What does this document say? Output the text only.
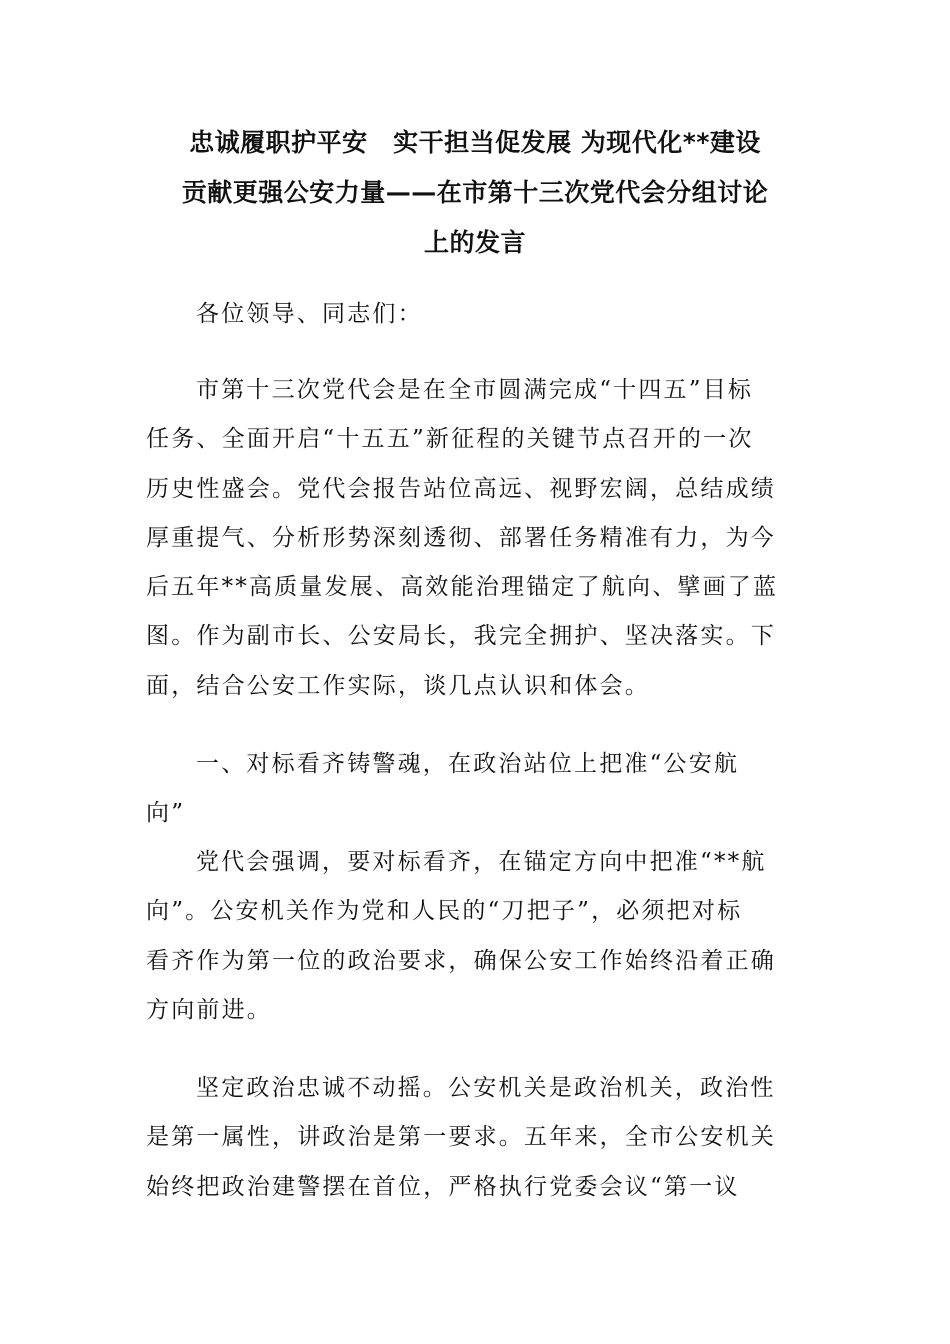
忠诚履职护平安　实干担当促发展 为现代化**建设
贡献更强公安力量——在市第十三次党代会分组讨论
上的发言

各位领导、同志们：

市第十三次党代会是在全市圆满完成“十四五”目标
任务、全面开启“十五五”新征程的关键节点召开的一次
历史性盛会。党代会报告站位高远、视野宏阔，总结成绩
厚重提气、分析形势深刻透彻、部署任务精准有力，为今
后五年**高质量发展、高效能治理锚定了航向、擘画了蓝
图。作为副市长、公安局长，我完全拥护、坚决落实。下
面，结合公安工作实际，谈几点认识和体会。

一、对标看齐铸警魂，在政治站位上把准“公安航
向”

党代会强调，要对标看齐，在锚定方向中把准“**航
向”。公安机关作为党和人民的“刀把子”，必须把对标
看齐作为第一位的政治要求，确保公安工作始终沿着正确
方向前进。

坚定政治忠诚不动摇。公安机关是政治机关，政治性
是第一属性，讲政治是第一要求。五年来，全市公安机关
始终把政治建警摆在首位，严格执行党委会议“第一议
